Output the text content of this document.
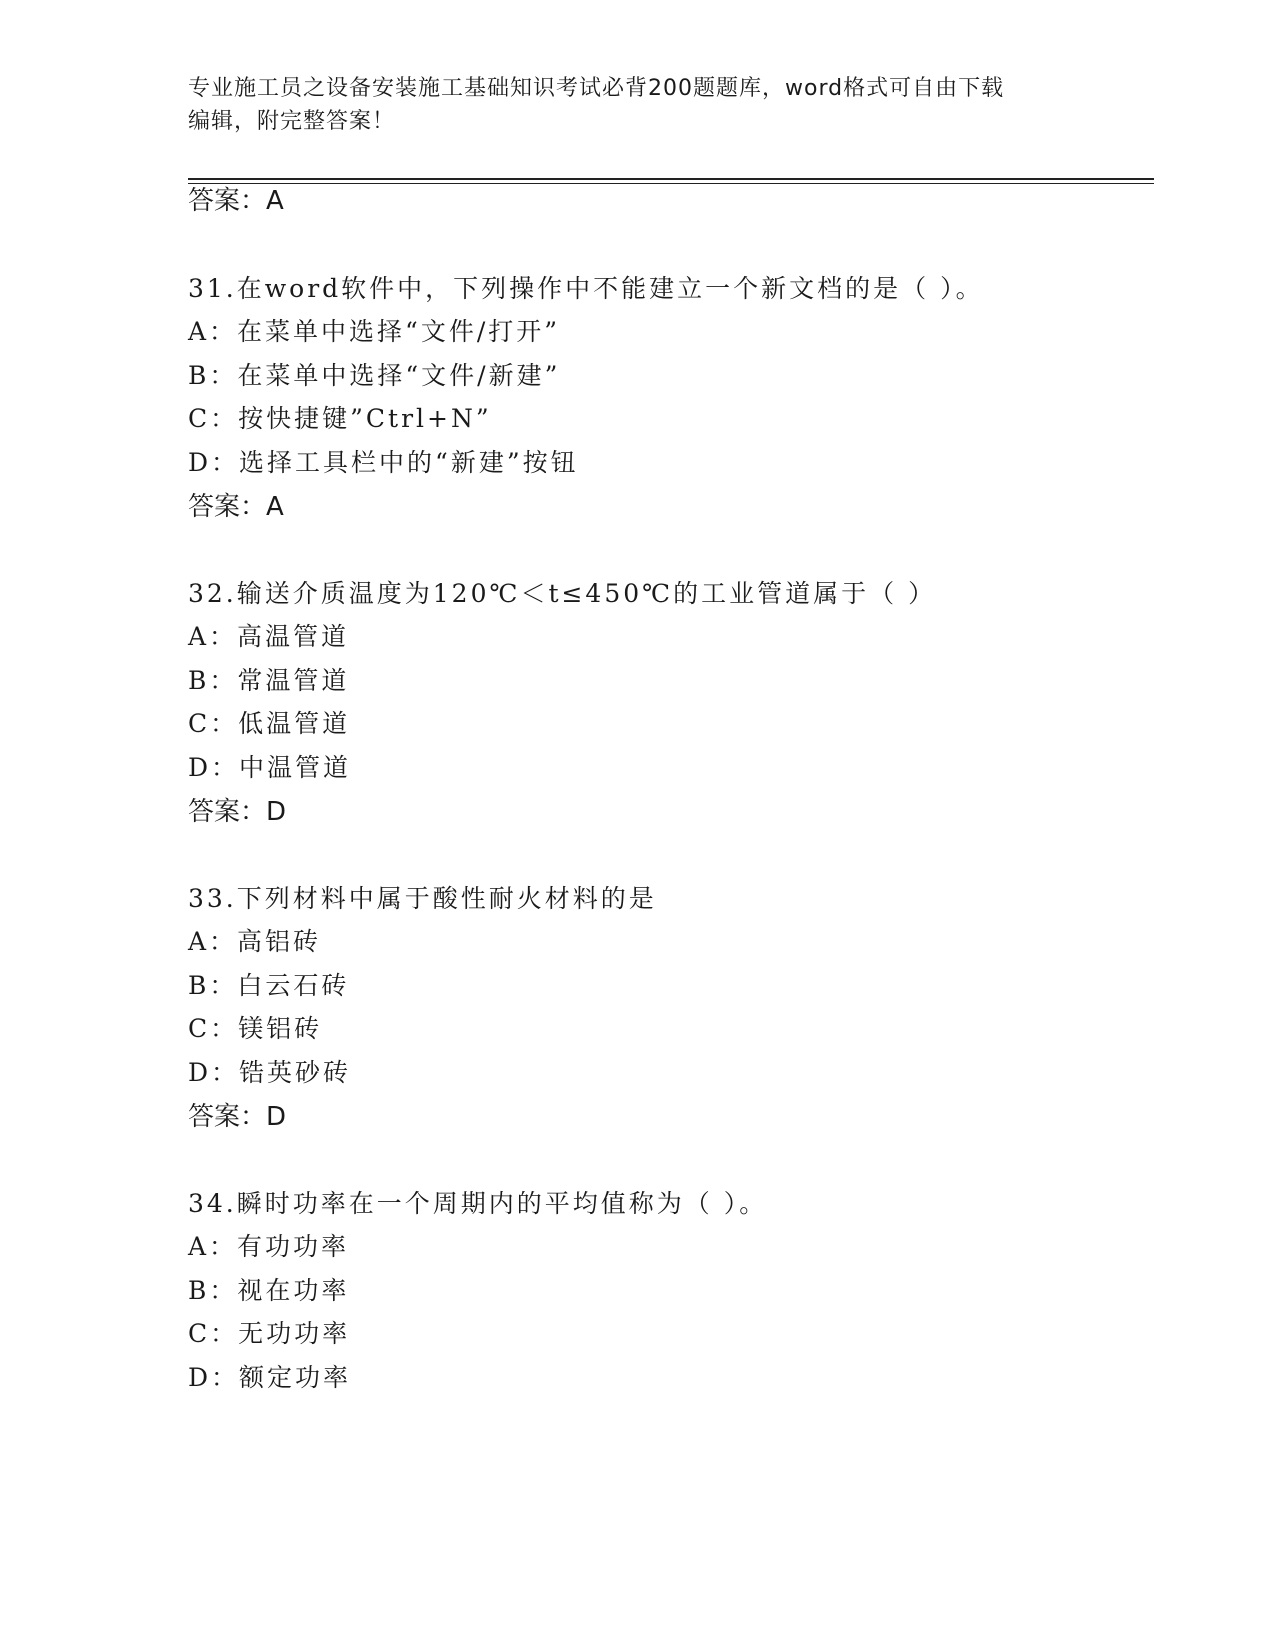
专业施工员之设备安装施工基础知识考试必背200题题库，word格式可自由下载
编辑，附完整答案！
答案：A
31.在word软件中，下列操作中不能建立一个新文档的是（ ）。
A：在菜单中选择“文件/打开”
B：在菜单中选择“文件/新建”
C：按快捷键”Ctrl+N”
D：选择工具栏中的“新建”按钮
答案：A
32.输送介质温度为120℃＜t≤450℃的工业管道属于（ ）
A：高温管道
B：常温管道
C：低温管道
D：中温管道
答案：D
33.下列材料中属于酸性耐火材料的是
A：高铝砖
B：白云石砖
C：镁铝砖
D：锆英砂砖
答案：D
34.瞬时功率在一个周期内的平均值称为（ ）。
A：有功功率
B：视在功率
C：无功功率
D：额定功率
